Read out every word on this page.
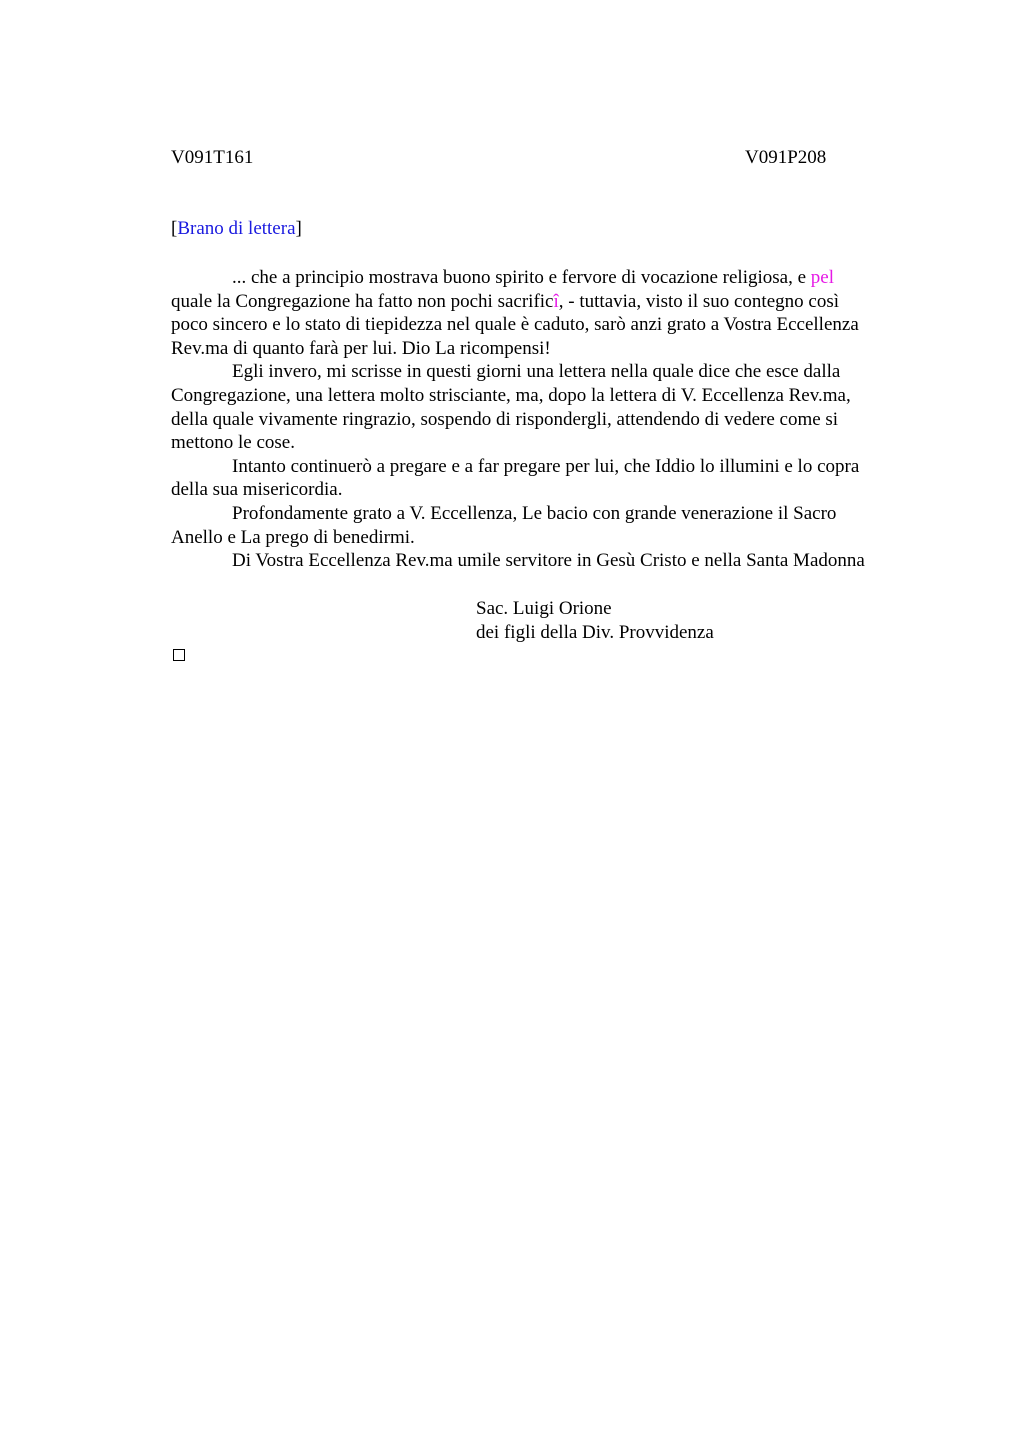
V091T161	V091P208
[Brano di lettera]

... che a principio mostrava buono spirito e fervore di vocazione religiosa, e pel
quale la Congregazione ha fatto non pochi sacrificî, - tuttavia, visto il suo contegno così
poco sincero e lo stato di tiepidezza nel quale è caduto, sarò anzi grato a Vostra Eccellenza
Rev.ma di quanto farà per lui. Dio La ricompensi!

Egli invero, mi scrisse in questi giorni una lettera nella quale dice che esce dalla
Congregazione, una lettera molto strisciante, ma, dopo la lettera di V. Eccellenza Rev.ma,
della quale vivamente ringrazio, sospendo di rispondergli, attendendo di vedere come si
mettono le cose.

Intanto continuerò a pregare e a far pregare per lui, che Iddio lo illumini e lo copra
della sua misericordia.

Profondamente grato a V. Eccellenza, Le bacio con grande venerazione il Sacro
Anello e La prego di benedirmi.

Di Vostra Eccellenza Rev.ma umile servitore in Gesù Cristo e nella Santa Madonna

Sac. Luigi Orione
dei figli della Div. Provvidenza
